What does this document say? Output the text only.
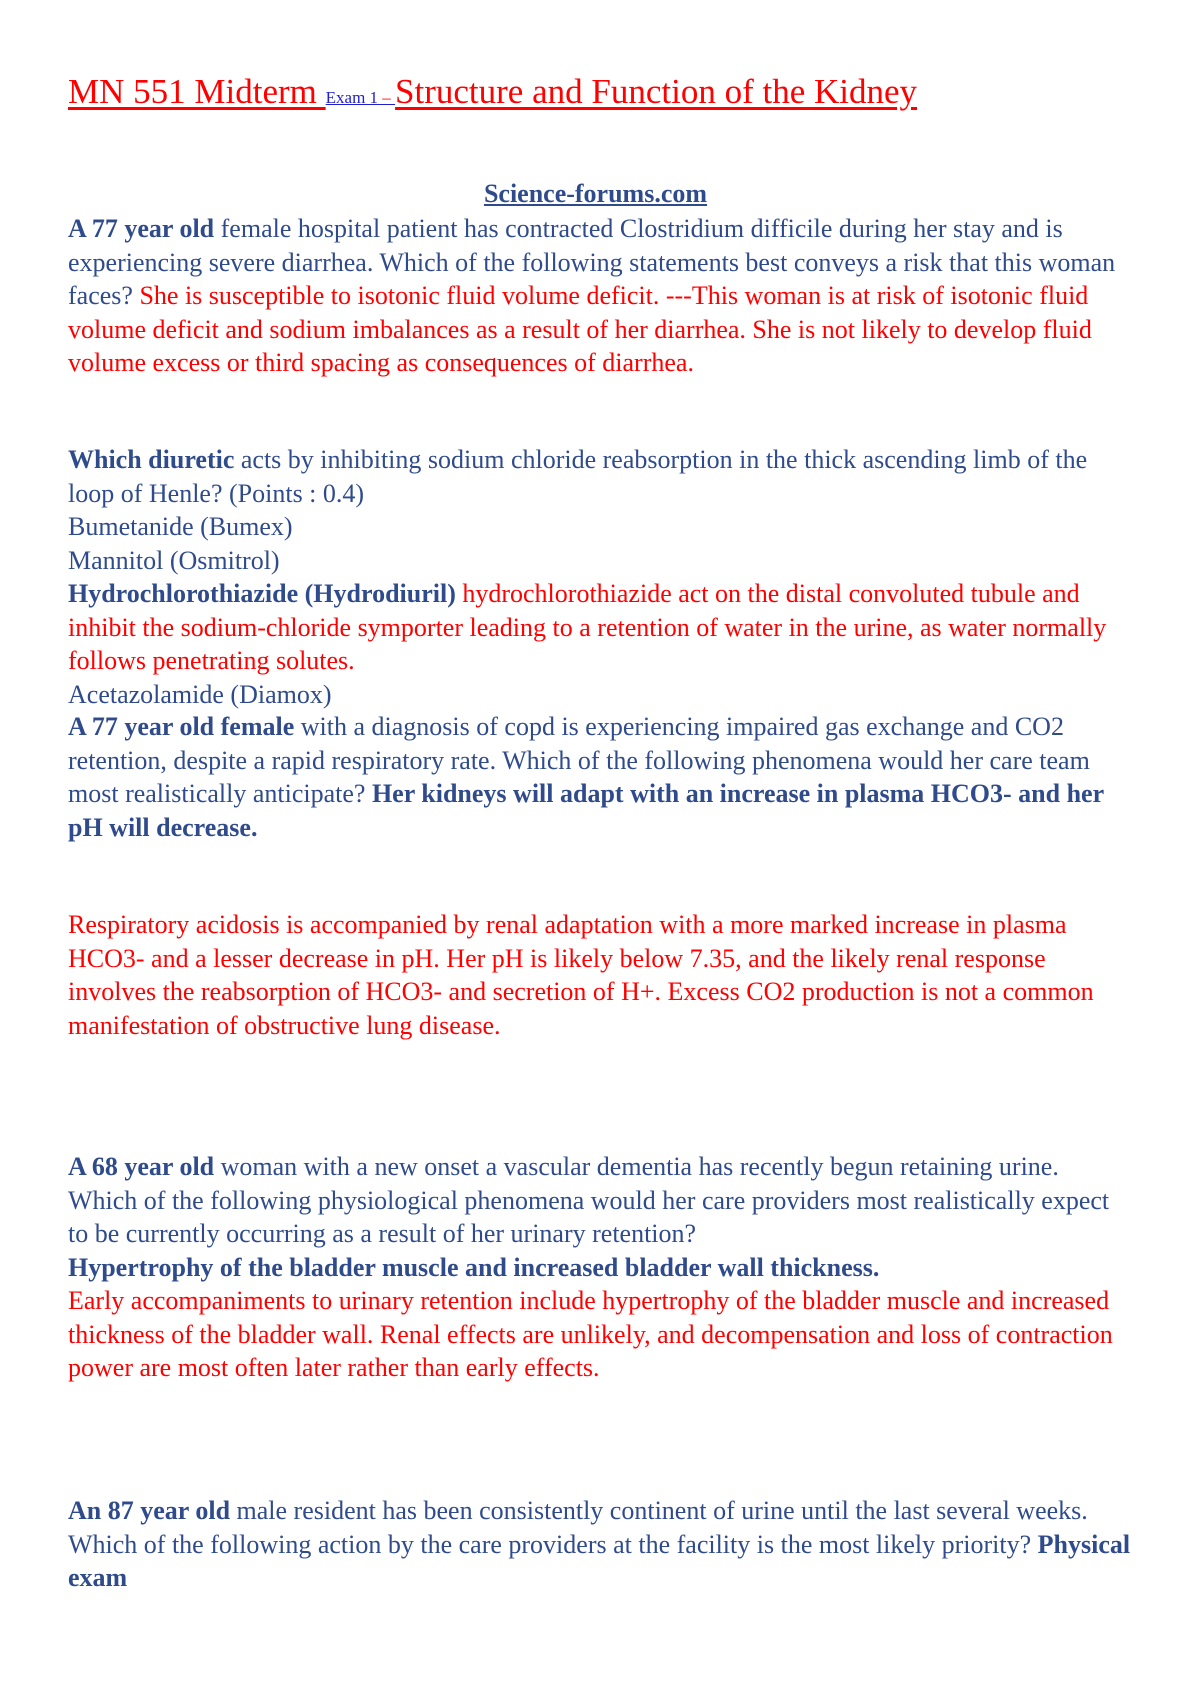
MN 551 Midterm Exam 1 – Structure and Function of the Kidney
Science-forums.com
A 77 year old female hospital patient has contracted Clostridium difficile during her stay and is experiencing severe diarrhea. Which of the following statements best conveys a risk that this woman faces? She is susceptible to isotonic fluid volume deficit. ---This woman is at risk of isotonic fluid volume deficit and sodium imbalances as a result of her diarrhea. She is not likely to develop fluid volume excess or third spacing as consequences of diarrhea.
Which diuretic acts by inhibiting sodium chloride reabsorption in the thick ascending limb of the loop of Henle? (Points : 0.4)
Bumetanide (Bumex)
Mannitol (Osmitrol)
Hydrochlorothiazide (Hydrodiuril) hydrochlorothiazide act on the distal convoluted tubule and inhibit the sodium-chloride symporter leading to a retention of water in the urine, as water normally follows penetrating solutes.
Acetazolamide (Diamox)
A 77 year old female with a diagnosis of copd is experiencing impaired gas exchange and CO2 retention, despite a rapid respiratory rate. Which of the following phenomena would her care team most realistically anticipate? Her kidneys will adapt with an increase in plasma HCO3- and her pH will decrease.
Respiratory acidosis is accompanied by renal adaptation with a more marked increase in plasma HCO3- and a lesser decrease in pH. Her pH is likely below 7.35, and the likely renal response involves the reabsorption of HCO3- and secretion of H+. Excess CO2 production is not a common manifestation of obstructive lung disease.
A 68 year old woman with a new onset a vascular dementia has recently begun retaining urine. Which of the following physiological phenomena would her care providers most realistically expect to be currently occurring as a result of her urinary retention?
Hypertrophy of the bladder muscle and increased bladder wall thickness.
Early accompaniments to urinary retention include hypertrophy of the bladder muscle and increased thickness of the bladder wall. Renal effects are unlikely, and decompensation and loss of contraction power are most often later rather than early effects.
An 87 year old male resident has been consistently continent of urine until the last several weeks. Which of the following action by the care providers at the facility is the most likely priority? Physical exam
